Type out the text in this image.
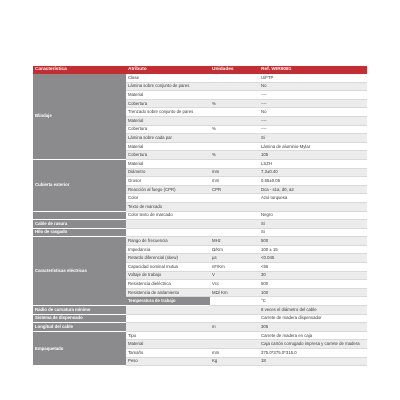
Característica	Atributo	Unidades	Ref. WIR9081	
Blindaje	Clase		U/FTP	
	Lámina sobre conjunto de pares		No	
	Material		----	
	Cobertura	%	----	
	Trenzado sobre conjunto de pares		No	
	Material		----	
	Cobertura	%	----	
	Lámina sobre cada par		Si	
	Material		Lámina de aluminio-Mylar	
	Cobertura	%	105	
Cubierta exterior	Material		LSZH	
	Diámetro	mm	7.3±0.40	
	Grosor	mm	0.65±0.05	
	Reacción al fuego (CPR)	CPR	Dca - s1a, d0, a2	
	Color		Azul turquesa	
	Texto de marcado			
	Color texto de marcado		Negro	
Cable de rasura			Si	
Hilo de rasgado			Si	
Características eléctricas	Rango de frecuencia	MHz	500	
	Impedancia	Ω/Km	100 ± 15	
	Retardo diferencial (skew)	µs	<0.045	
	Capacidad nominal mutua	nF/Km	<56	
	Voltaje de trabajo	V	30	
	Resistencia dieléctrica	Vcc	500	
	Resistencia de aislamiento	MΩ/ Km	100	
	Temperatura de trabajo		°C	
Radio de curvatura mínimo			8 veces el diámetro del cable	
Sistema de dispensado			Carrete de madera dispensador	
Longitud del cable		m	305	
Empaquetado	Tipo		Carrete de madera en caja	
	Material		Caja cartón corrugado impresa y carrete de madera	
	Tamaño	mm	375.0*375.0*315.0	
	Peso	Kg	18	
